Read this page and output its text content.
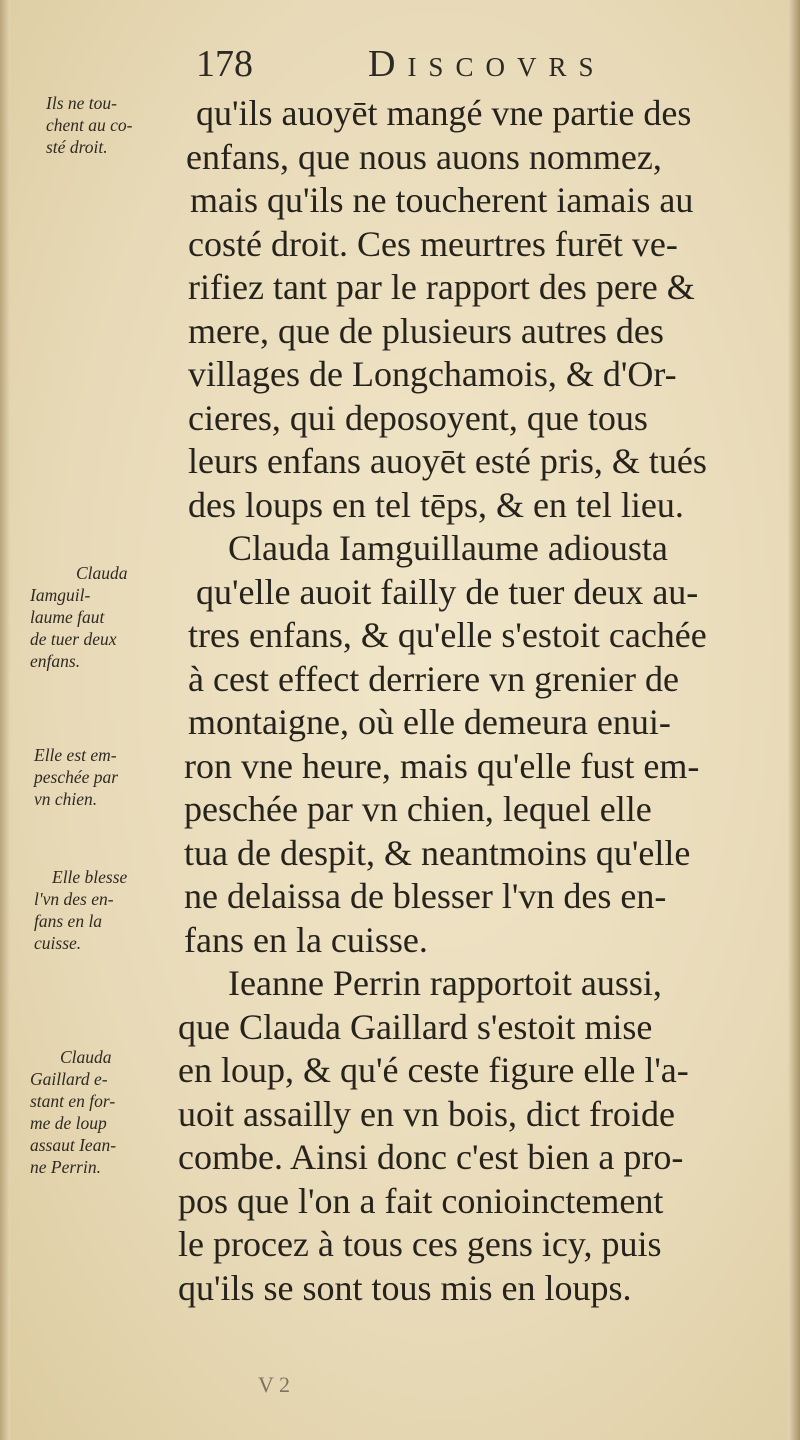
178	Discovrs
Ils ne tou-
chent au co-
sté droit.
Clauda
Iamguil-
laume faut
de tuer deux
enfans.
Elle est em-
peschée par
vn chien.
Elle blesse
l'vn des en-
fans en la
cuisse.
Claudа
Gaillard e-
stant en for-
me de loup
assaut Iean-
ne Perrin.
qu'ils auoyēt mangé vne partie des
enfans, que nous auons nommez,
mais qu'ils ne toucherent iamais au
costé droit. Ces meurtres furēt ve-
rifiez tant par le rapport des pere &
mere, que de plusieurs autres des
villages de Longchamois, & d'Or-
cieres, qui deposoyent, que tous
leurs enfans auoyēt esté pris, & tués
des loups en tel tēps, & en tel lieu.
Clauda Iamguillaume adiousta
qu'elle auoit failly de tuer deux au-
tres enfans, & qu'elle s'estoit cachée
à cest effect derriere vn grenier de
montaigne, où elle demeura enui-
ron vne heure, mais qu'elle fust em-
peschée par vn chien, lequel elle
tua de despit, & neantmoins qu'elle
ne delaissa de blesser l'vn des en-
fans en la cuisse.
Ieanne Perrin rapportoit aussi,
que Clauda Gaillard s'estoit mise
en loup, & qu'é ceste figure elle l'a-
uoit assailly en vn bois, dict froide
combe. Ainsi donc c'est bien a pro-
pos que l'on a fait conioinctement
le procez à tous ces gens icy, puis
qu'ils se sont tous mis en loups.
V 2
